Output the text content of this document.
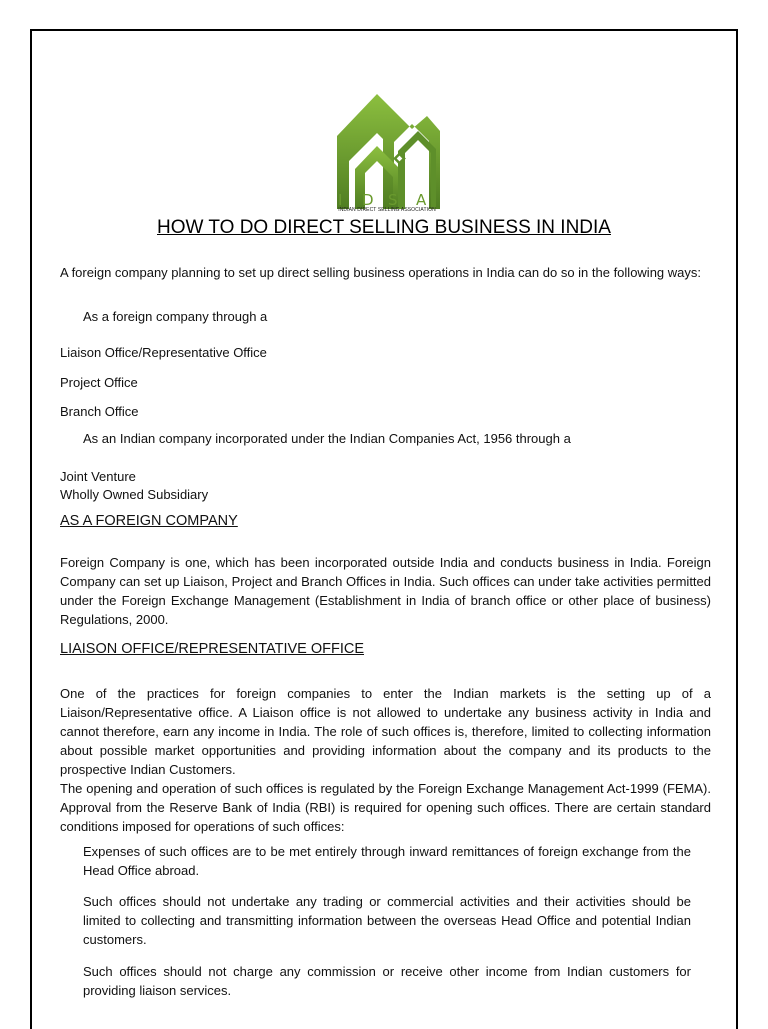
I D S A
INDIAN DIRECT SELLING ASSOCIATION
HOW TO DO DIRECT SELLING BUSINESS IN INDIA

A foreign company planning to set up direct selling business operations in India can do so in the following ways:

As a foreign company through a

Liaison Office/Representative Office

Project Office

Branch Office

As an Indian company incorporated under the Indian Companies Act, 1956 through a

Joint Venture

Wholly Owned Subsidiary

AS A FOREIGN COMPANY

Foreign Company is one, which has been incorporated outside India and conducts business in India. Foreign Company can set up Liaison, Project and Branch Offices in India. Such offices can under take activities permitted under the Foreign Exchange Management (Establishment in India of branch office or other place of business) Regulations, 2000.

LIAISON OFFICE/REPRESENTATIVE OFFICE

One of the practices for foreign companies to enter the Indian markets is the setting up of a Liaison/Representative office. A Liaison office is not allowed to undertake any business activity in India and cannot therefore, earn any income in India. The role of such offices is, therefore, limited to collecting information about possible market opportunities and providing information about the company and its products to the prospective Indian Customers.

The opening and operation of such offices is regulated by the Foreign Exchange Management Act-1999 (FEMA). Approval from the Reserve Bank of India (RBI) is required for opening such offices. There are certain standard conditions imposed for operations of such offices:

Expenses of such offices are to be met entirely through inward remittances of foreign exchange from the Head Office abroad.

Such offices should not undertake any trading or commercial activities and their activities should be limited to collecting and transmitting information between the overseas Head Office and potential Indian customers.

Such offices should not charge any commission or receive other income from Indian customers for providing liaison services.
